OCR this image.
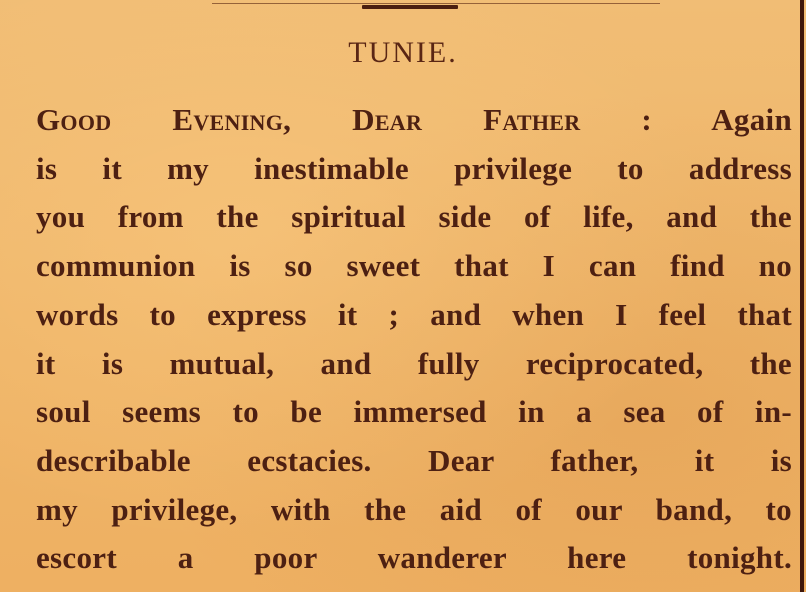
TUNIE.
Good Evening, Dear Father : Again
is it my inestimable privilege to address
you from the spiritual side of life, and the
communion is so sweet that I can find no
words to express it ; and when I feel that
it is mutual, and fully reciprocated, the
soul seems to be immersed in a sea of in-
describable ecstacies. Dear father, it is
my privilege, with the aid of our band, to
escort a poor wanderer here tonight.
